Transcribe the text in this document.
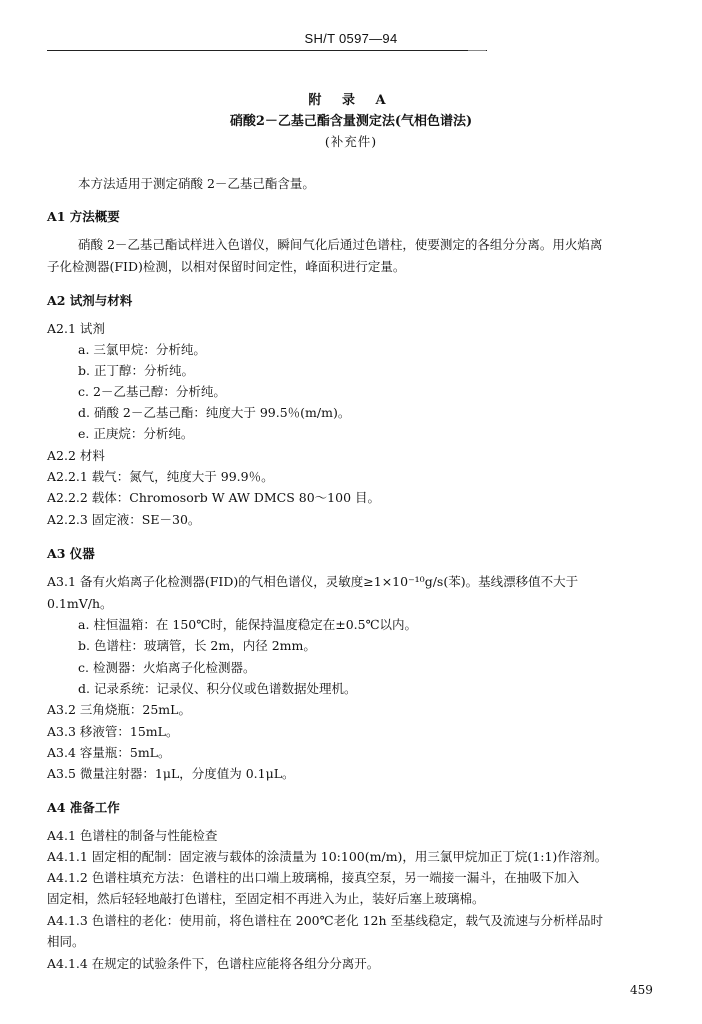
SH/T 0597—94
附 录 A
硝酸2－乙基己酯含量测定法(气相色谱法)
(补充件)
本方法适用于测定硝酸 2－乙基己酯含量。
A1 方法概要
硝酸 2－乙基己酯试样进入色谱仪，瞬间气化后通过色谱柱，使要测定的各组分分离。用火焰离
子化检测器(FID)检测，以相对保留时间定性，峰面积进行定量。
A2 试剂与材料
A2.1 试剂
a. 三氯甲烷：分析纯。
b. 正丁醇：分析纯。
c. 2－乙基己醇：分析纯。
d. 硝酸 2－乙基己酯：纯度大于 99.5％(m/m)。
e. 正庚烷：分析纯。
A2.2 材料
A2.2.1 载气：氮气，纯度大于 99.9％。
A2.2.2 载体：Chromosorb W AW DMCS 80～100 目。
A2.2.3 固定液：SE－30。
A3 仪器
A3.1 备有火焰离子化检测器(FID)的气相色谱仪，灵敏度≥1×10⁻¹⁰g/s(苯)。基线漂移值不大于
0.1mV/h。
a. 柱恒温箱：在 150℃时，能保持温度稳定在±0.5℃以内。
b. 色谱柱：玻璃管，长 2m，内径 2mm。
c. 检测器：火焰离子化检测器。
d. 记录系统：记录仪、积分仪或色谱数据处理机。
A3.2 三角烧瓶：25mL。
A3.3 移液管：15mL。
A3.4 容量瓶：5mL。
A3.5 微量注射器：1μL，分度值为 0.1μL。
A4 准备工作
A4.1 色谱柱的制备与性能检查
A4.1.1 固定相的配制：固定液与载体的涂渍量为 10:100(m/m)，用三氯甲烷加正丁烷(1:1)作溶剂。
A4.1.2 色谱柱填充方法：色谱柱的出口端上玻璃棉，接真空泵，另一端接一漏斗，在抽吸下加入
固定相，然后轻轻地敲打色谱柱，至固定相不再进入为止，装好后塞上玻璃棉。
A4.1.3 色谱柱的老化：使用前，将色谱柱在 200℃老化 12h 至基线稳定，载气及流速与分析样品时
相同。
A4.1.4 在规定的试验条件下，色谱柱应能将各组分分离开。
459
